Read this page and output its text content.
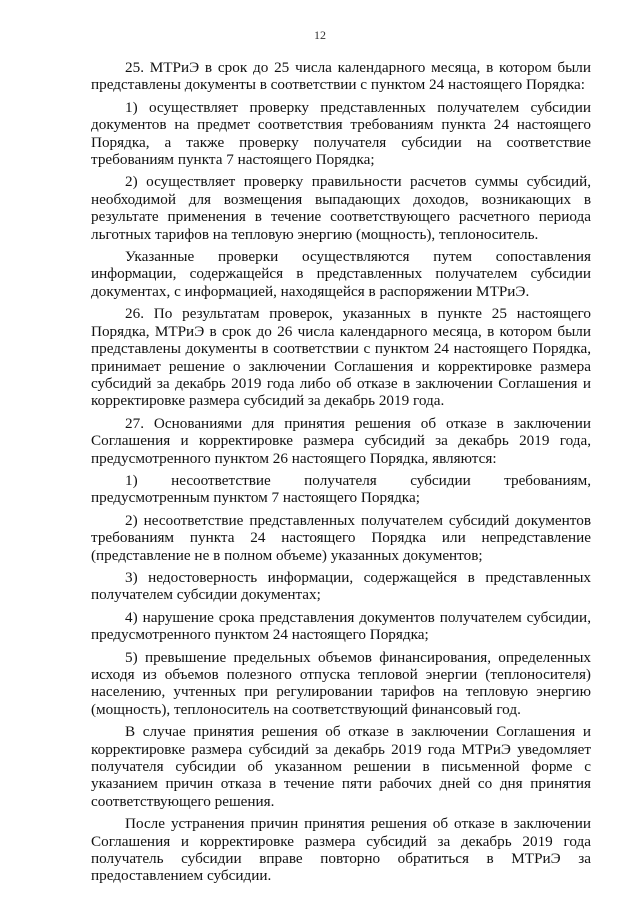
12

25. МТРиЭ в срок до 25 числа календарного месяца, в котором были представлены документы в соответствии с пунктом 24 настоящего Порядка:

1) осуществляет проверку представленных получателем субсидии документов на предмет соответствия требованиям пункта 24 настоящего Порядка, а также проверку получателя субсидии на соответствие требованиям пункта 7 настоящего Порядка;

2) осуществляет проверку правильности расчетов суммы субсидий, необходимой для возмещения выпадающих доходов, возникающих в результате применения в течение соответствующего расчетного периода льготных тарифов на тепловую энергию (мощность), теплоноситель.

Указанные проверки осуществляются путем сопоставления информации, содержащейся в представленных получателем субсидии документах, с информацией, находящейся в распоряжении МТРиЭ.

26. По результатам проверок, указанных в пункте 25 настоящего Порядка, МТРиЭ в срок до 26 числа календарного месяца, в котором были представлены документы в соответствии с пунктом 24 настоящего Порядка, принимает решение о заключении Соглашения и корректировке размера субсидий за декабрь 2019 года либо об отказе в заключении Соглашения и корректировке размера субсидий за декабрь 2019 года.

27. Основаниями для принятия решения об отказе в заключении Соглашения и корректировке размера субсидий за декабрь 2019 года, предусмотренного пунктом 26 настоящего Порядка, являются:

1) несоответствие получателя субсидии требованиям, предусмотренным пунктом 7 настоящего Порядка;

2) несоответствие представленных получателем субсидий документов требованиям пункта 24 настоящего Порядка или непредставление (представление не в полном объеме) указанных документов;

3) недостоверность информации, содержащейся в представленных получателем субсидии документах;

4) нарушение срока представления документов получателем субсидии, предусмотренного пунктом 24 настоящего Порядка;

5) превышение предельных объемов финансирования, определенных исходя из объемов полезного отпуска тепловой энергии (теплоносителя) населению, учтенных при регулировании тарифов на тепловую энергию (мощность), теплоноситель на соответствующий финансовый год.

В случае принятия решения об отказе в заключении Соглашения и корректировке размера субсидий за декабрь 2019 года МТРиЭ уведомляет получателя субсидии об указанном решении в письменной форме с указанием причин отказа в течение пяти рабочих дней со дня принятия соответствующего решения.

После устранения причин принятия решения об отказе в заключении Соглашения и корректировке размера субсидий за декабрь 2019 года получатель субсидии вправе повторно обратиться в МТРиЭ за предоставлением субсидии.
